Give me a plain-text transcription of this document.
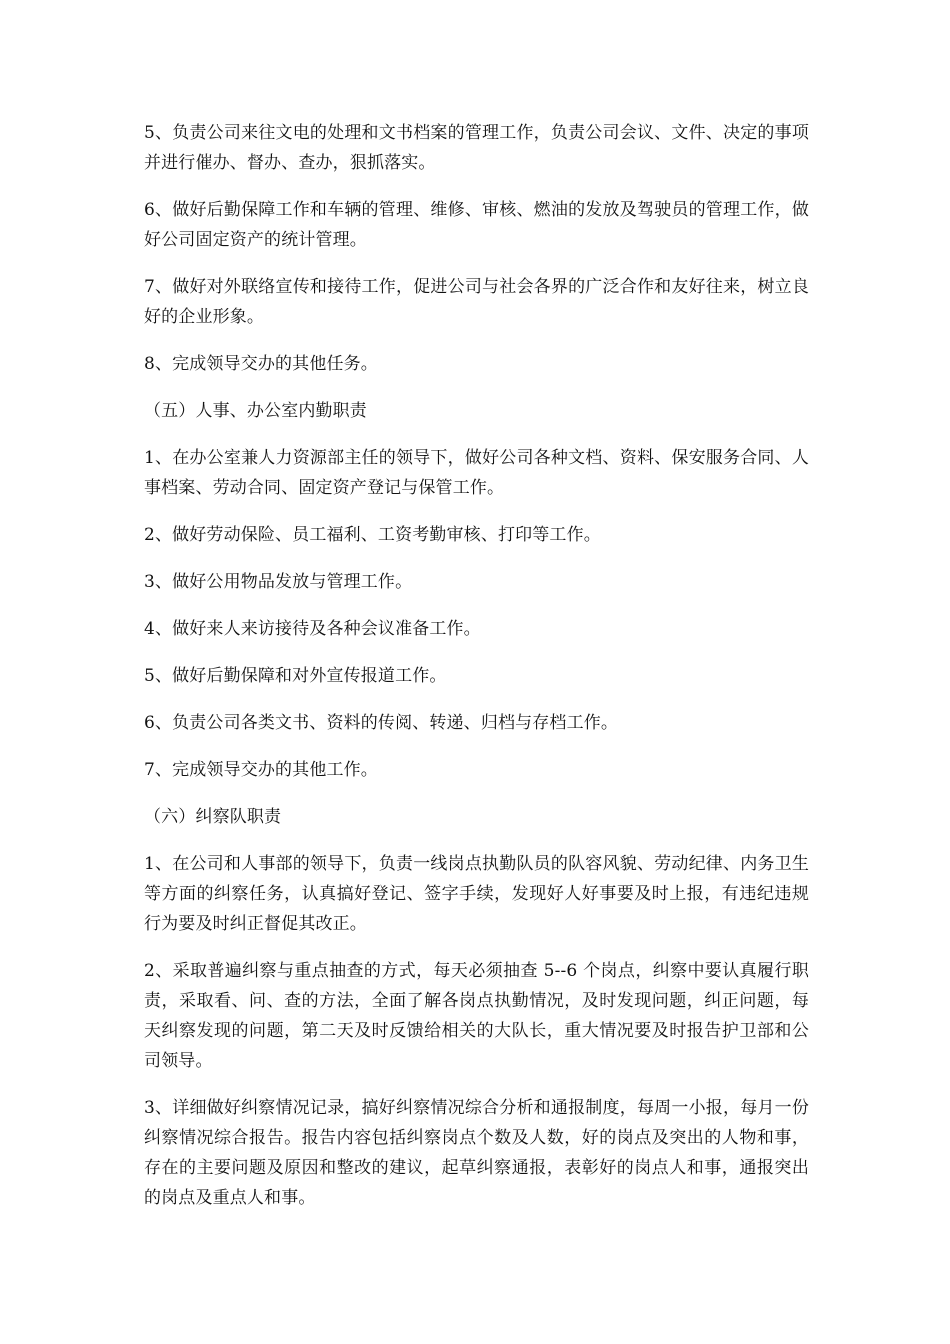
5、负责公司来往文电的处理和文书档案的管理工作，负责公司会议、文件、决定的事项并进行催办、督办、查办，狠抓落实。

6、做好后勤保障工作和车辆的管理、维修、审核、燃油的发放及驾驶员的管理工作，做好公司固定资产的统计管理。

7、做好对外联络宣传和接待工作，促进公司与社会各界的广泛合作和友好往来，树立良好的企业形象。

8、完成领导交办的其他任务。

（五）人事、办公室内勤职责

1、在办公室兼人力资源部主任的领导下，做好公司各种文档、资料、保安服务合同、人事档案、劳动合同、固定资产登记与保管工作。

2、做好劳动保险、员工福利、工资考勤审核、打印等工作。

3、做好公用物品发放与管理工作。

4、做好来人来访接待及各种会议准备工作。

5、做好后勤保障和对外宣传报道工作。

6、负责公司各类文书、资料的传阅、转递、归档与存档工作。

7、完成领导交办的其他工作。

（六）纠察队职责

1、在公司和人事部的领导下，负责一线岗点执勤队员的队容风貌、劳动纪律、内务卫生等方面的纠察任务，认真搞好登记、签字手续，发现好人好事要及时上报，有违纪违规行为要及时纠正督促其改正。

2、采取普遍纠察与重点抽查的方式，每天必须抽查 5--6 个岗点，纠察中要认真履行职责，采取看、问、查的方法，全面了解各岗点执勤情况，及时发现问题，纠正问题，每天纠察发现的问题，第二天及时反馈给相关的大队长，重大情况要及时报告护卫部和公司领导。

3、详细做好纠察情况记录，搞好纠察情况综合分析和通报制度，每周一小报，每月一份纠察情况综合报告。报告内容包括纠察岗点个数及人数，好的岗点及突出的人物和事，存在的主要问题及原因和整改的建议，起草纠察通报，表彰好的岗点人和事，通报突出的岗点及重点人和事。
